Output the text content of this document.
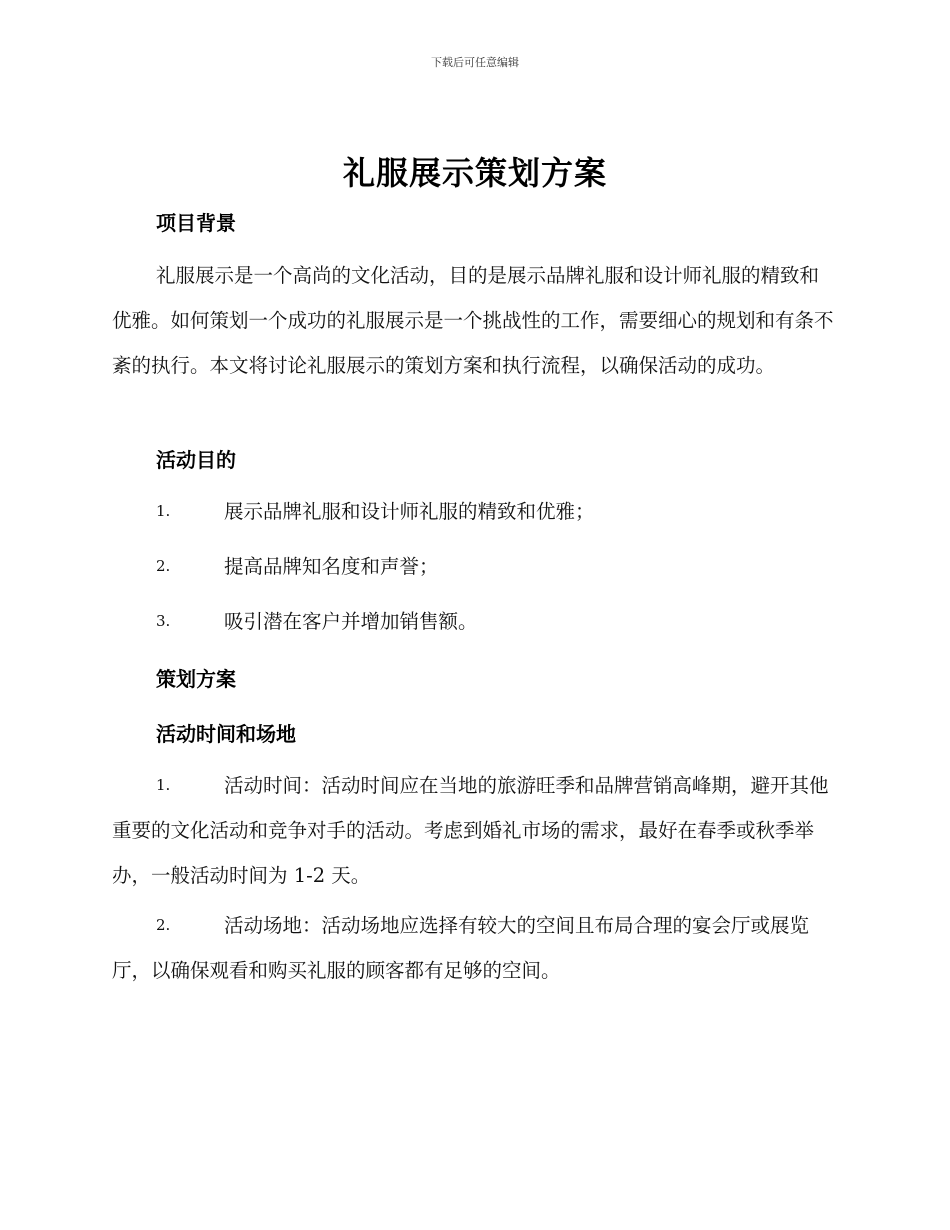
下载后可任意编辑
礼服展示策划方案
项目背景

礼服展示是一个高尚的文化活动，目的是展示品牌礼服和设计师礼服的精致和优雅。如何策划一个成功的礼服展示是一个挑战性的工作，需要细心的规划和有条不紊的执行。本文将讨论礼服展示的策划方案和执行流程，以确保活动的成功。

活动目的
1.	展示品牌礼服和设计师礼服的精致和优雅；
2.	提高品牌知名度和声誉；
3.	吸引潜在客户并增加销售额。
策划方案
活动时间和场地
1.	活动时间：活动时间应在当地的旅游旺季和品牌营销高峰期，避开其他重要的文化活动和竞争对手的活动。考虑到婚礼市场的需求，最好在春季或秋季举办，一般活动时间为 1-2 天。
2.	活动场地：活动场地应选择有较大的空间且布局合理的宴会厅或展览厅，以确保观看和购买礼服的顾客都有足够的空间。
